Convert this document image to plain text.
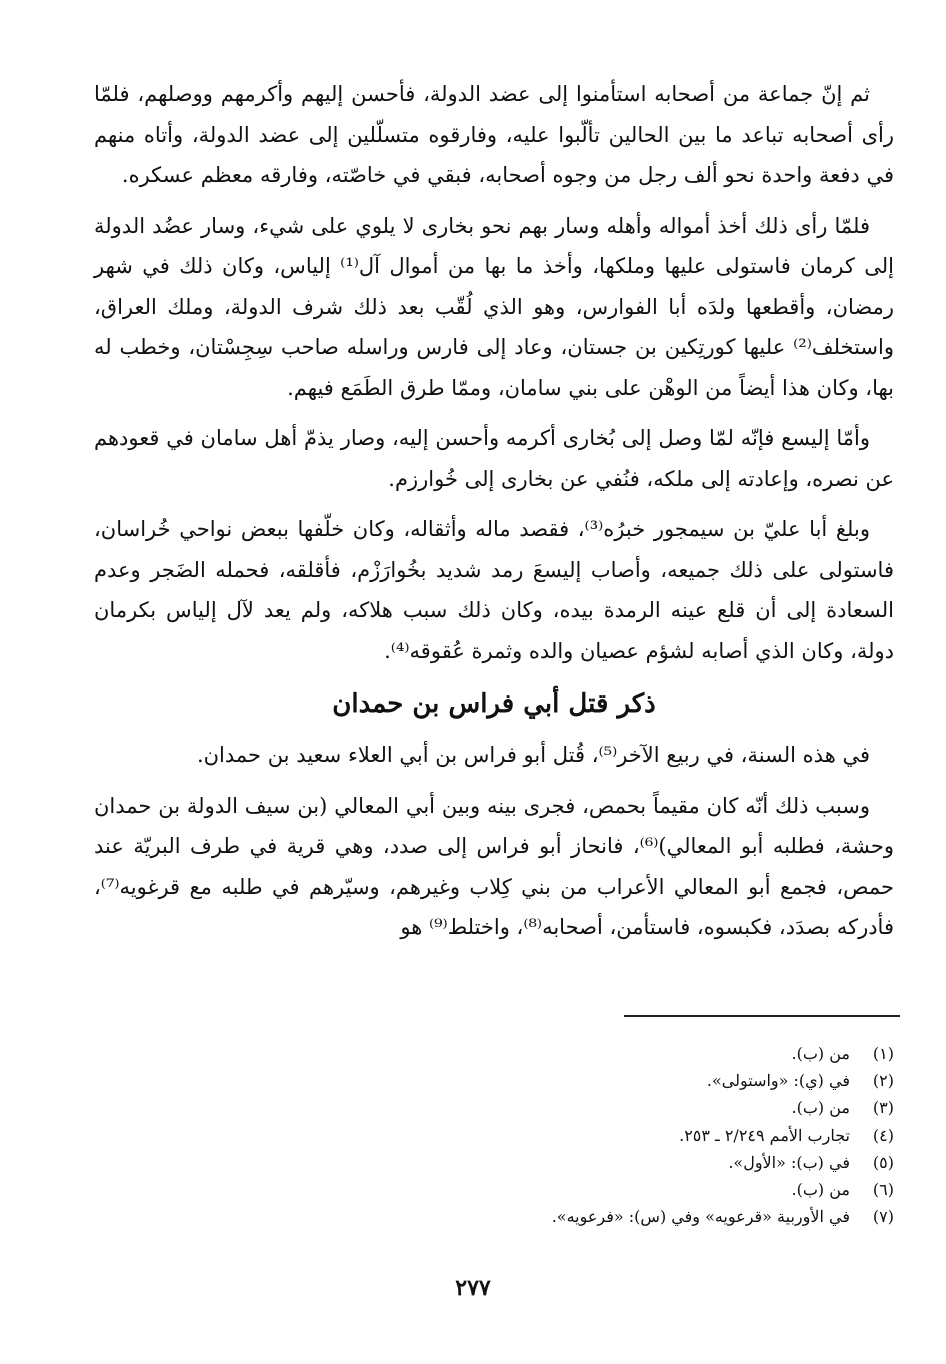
ثم إنّ جماعة من أصحابه استأمنوا إلى عضد الدولة، فأحسن إليهم وأكرمهم ووصلهم، فلمّا رأى أصحابه تباعد ما بين الحالين تألّبوا عليه، وفارقوه متسلّلين إلى عضد الدولة، وأتاه منهم في دفعة واحدة نحو ألف رجل من وجوه أصحابه، فبقي في خاصّته، وفارقه معظم عسكره.

فلمّا رأى ذلك أخذ أمواله وأهله وسار بهم نحو بخارى لا يلوي على شيء، وسار عضُد الدولة إلى كرمان فاستولى عليها وملكها، وأخذ ما بها من أموال آل⁽¹⁾ إلياس، وكان ذلك في شهر رمضان، وأقطعها ولدَه أبا الفوارس، وهو الذي لُقّب بعد ذلك شرف الدولة، وملك العراق، واستخلف⁽²⁾ عليها كورتِكين بن جستان، وعاد إلى فارس وراسله صاحب سِجِسْتان، وخطب له بها، وكان هذا أيضاً من الوهْن على بني سامان، وممّا طرق الطَمَع فيهم.

وأمّا إليسع فإنّه لمّا وصل إلى بُخارى أكرمه وأحسن إليه، وصار يذمّ أهل سامان في قعودهم عن نصره، وإعادته إلى ملكه، فنُفي عن بخارى إلى خُوارزم.

وبلغ أبا عليّ بن سيمجور خبرُه⁽³⁾، فقصد ماله وأثقاله، وكان خلّفها ببعض نواحي خُراسان، فاستولى على ذلك جميعه، وأصاب إليسعَ رمد شديد بخُوارَزْم، فأقلقه، فحمله الضَجر وعدم السعادة إلى أن قلع عينه الرمدة بيده، وكان ذلك سبب هلاكه، ولم يعد لآل إلياس بكرمان دولة، وكان الذي أصابه لشؤم عصيان والده وثمرة عُقوقه⁽⁴⁾.

ذكر قتل أبي فراس بن حمدان

في هذه السنة، في ربيع الآخر⁽⁵⁾، قُتل أبو فراس بن أبي العلاء سعيد بن حمدان.

وسبب ذلك أنّه كان مقيماً بحمص، فجرى بينه وبين أبي المعالي (بن سيف الدولة بن حمدان وحشة، فطلبه أبو المعالي)⁽⁶⁾، فانحاز أبو فراس إلى صدد، وهي قرية في طرف البريّة عند حمص، فجمع أبو المعالي الأعراب من بني كِلاب وغيرهم، وسيّرهم في طلبه مع قرغويه⁽⁷⁾، فأدركه بصدَد، فكبسوه، فاستأمن، أصحابه⁽⁸⁾، واختلط⁽⁹⁾ هو

(١)
من (ب).
(٢)
في (ي): «واستولى».
(٣)
من (ب).
(٤)
تجارب الأمم ٢/٢٤٩ ـ ٢٥٣.
(٥)
في (ب): «الأول».
(٦)
من (ب).
(٧)
في الأوربية «قرعويه» وفي (س): «فرعويه».
٢٧٧
